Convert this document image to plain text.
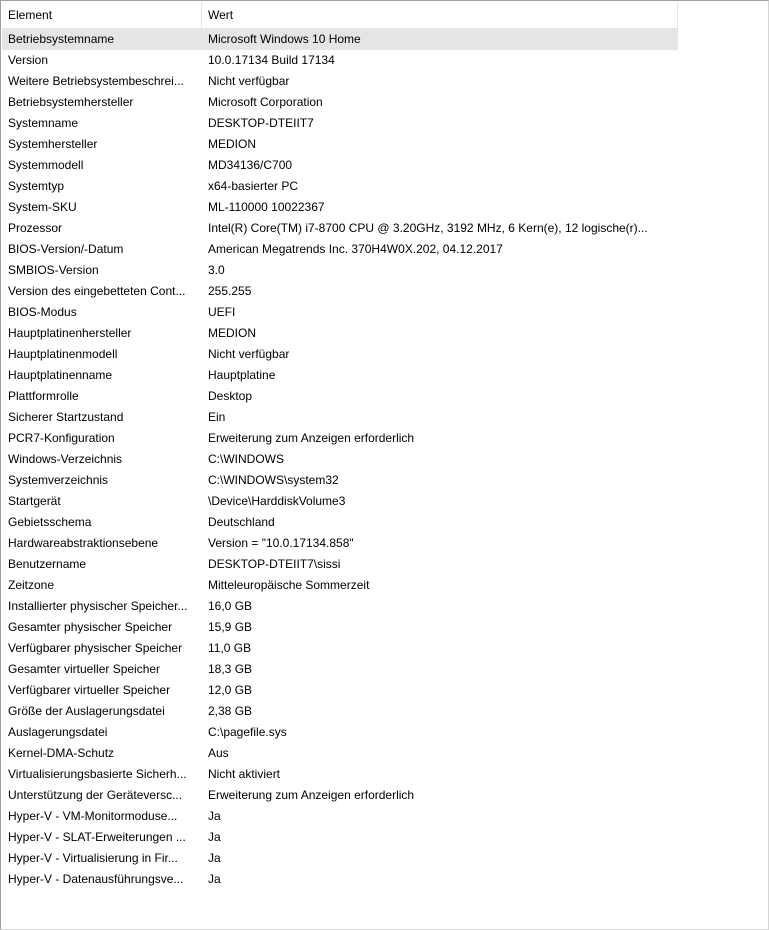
Element	Wert
Betriebsystemname	Microsoft Windows 10 Home
Version	10.0.17134 Build 17134
Weitere Betriebsystembeschrei...	Nicht verfügbar
Betriebsystemhersteller	Microsoft Corporation
Systemname	DESKTOP-DTEIIT7
Systemhersteller	MEDION
Systemmodell	MD34136/C700
Systemtyp	x64-basierter PC
System-SKU	ML-110000 10022367
Prozessor	Intel(R) Core(TM) i7-8700 CPU @ 3.20GHz, 3192 MHz, 6 Kern(e), 12 logische(r)...
BIOS-Version/-Datum	American Megatrends Inc. 370H4W0X.202, 04.12.2017
SMBIOS-Version	3.0
Version des eingebetteten Cont...	255.255
BIOS-Modus	UEFI
Hauptplatinenhersteller	MEDION
Hauptplatinenmodell	Nicht verfügbar
Hauptplatinenname	Hauptplatine
Plattformrolle	Desktop
Sicherer Startzustand	Ein
PCR7-Konfiguration	Erweiterung zum Anzeigen erforderlich
Windows-Verzeichnis	C:\WINDOWS
Systemverzeichnis	C:\WINDOWS\system32
Startgerät	\Device\HarddiskVolume3
Gebietsschema	Deutschland
Hardwareabstraktionsebene	Version = "10.0.17134.858"
Benutzername	DESKTOP-DTEIIT7\sissi
Zeitzone	Mitteleuropäische Sommerzeit
Installierter physischer Speicher...	16,0 GB
Gesamter physischer Speicher	15,9 GB
Verfügbarer physischer Speicher	11,0 GB
Gesamter virtueller Speicher	18,3 GB
Verfügbarer virtueller Speicher	12,0 GB
Größe der Auslagerungsdatei	2,38 GB
Auslagerungsdatei	C:\pagefile.sys
Kernel-DMA-Schutz	Aus
Virtualisierungsbasierte Sicherh...	Nicht aktiviert
Unterstützung der Geräteversc...	Erweiterung zum Anzeigen erforderlich
Hyper-V - VM-Monitormoduse...	Ja
Hyper-V - SLAT-Erweiterungen ...	Ja
Hyper-V - Virtualisierung in Fir...	Ja
Hyper-V - Datenausführungsve...	Ja
